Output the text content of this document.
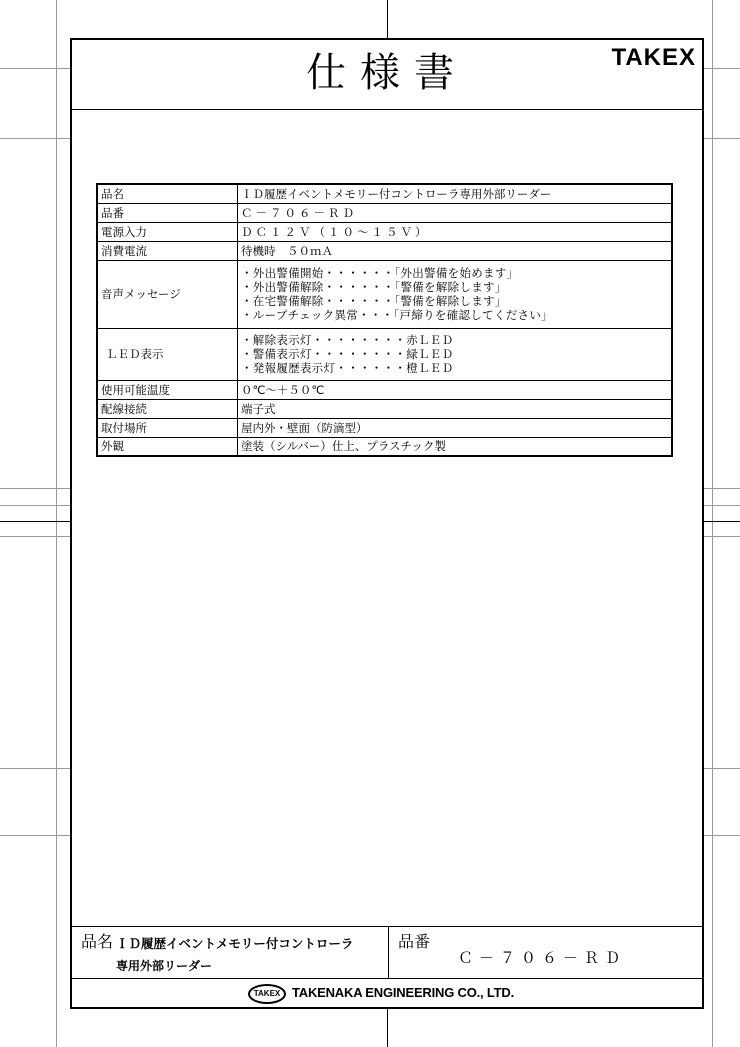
仕様書	TAKEX
品名	ＩＤ履歴イベントメモリー付コントローラ専用外部リーダー
品番	Ｃ－７０６－ＲＤ
電源入力	ＤＣ１２Ｖ（１０～１５Ｖ）
消費電流	待機時　５０ｍＡ
音声メッセージ	・外出警備開始・・・・・・「外出警備を始めます」
・外出警備解除・・・・・・「警備を解除します」
・在宅警備解除・・・・・・「警備を解除します」
・ループチェック異常・・・「戸締りを確認してください」

ＬＥＤ表示	・解除表示灯・・・・・・・・赤ＬＥＤ
・警備表示灯・・・・・・・・緑ＬＥＤ
・発報履歴表示灯・・・・・・橙ＬＥＤ

使用可能温度	０℃～＋５０℃
配線接続	端子式
取付場所	屋内外・壁面（防滴型）
外観	塗装（シルバー）仕上、プラスチック製
品名 ＩＤ履歴イベントメモリー付コントローラ
専用外部リーダー
品番
Ｃ－７０６－ＲＤ
TAKEX TAKENAKA ENGINEERING CO., LTD.
